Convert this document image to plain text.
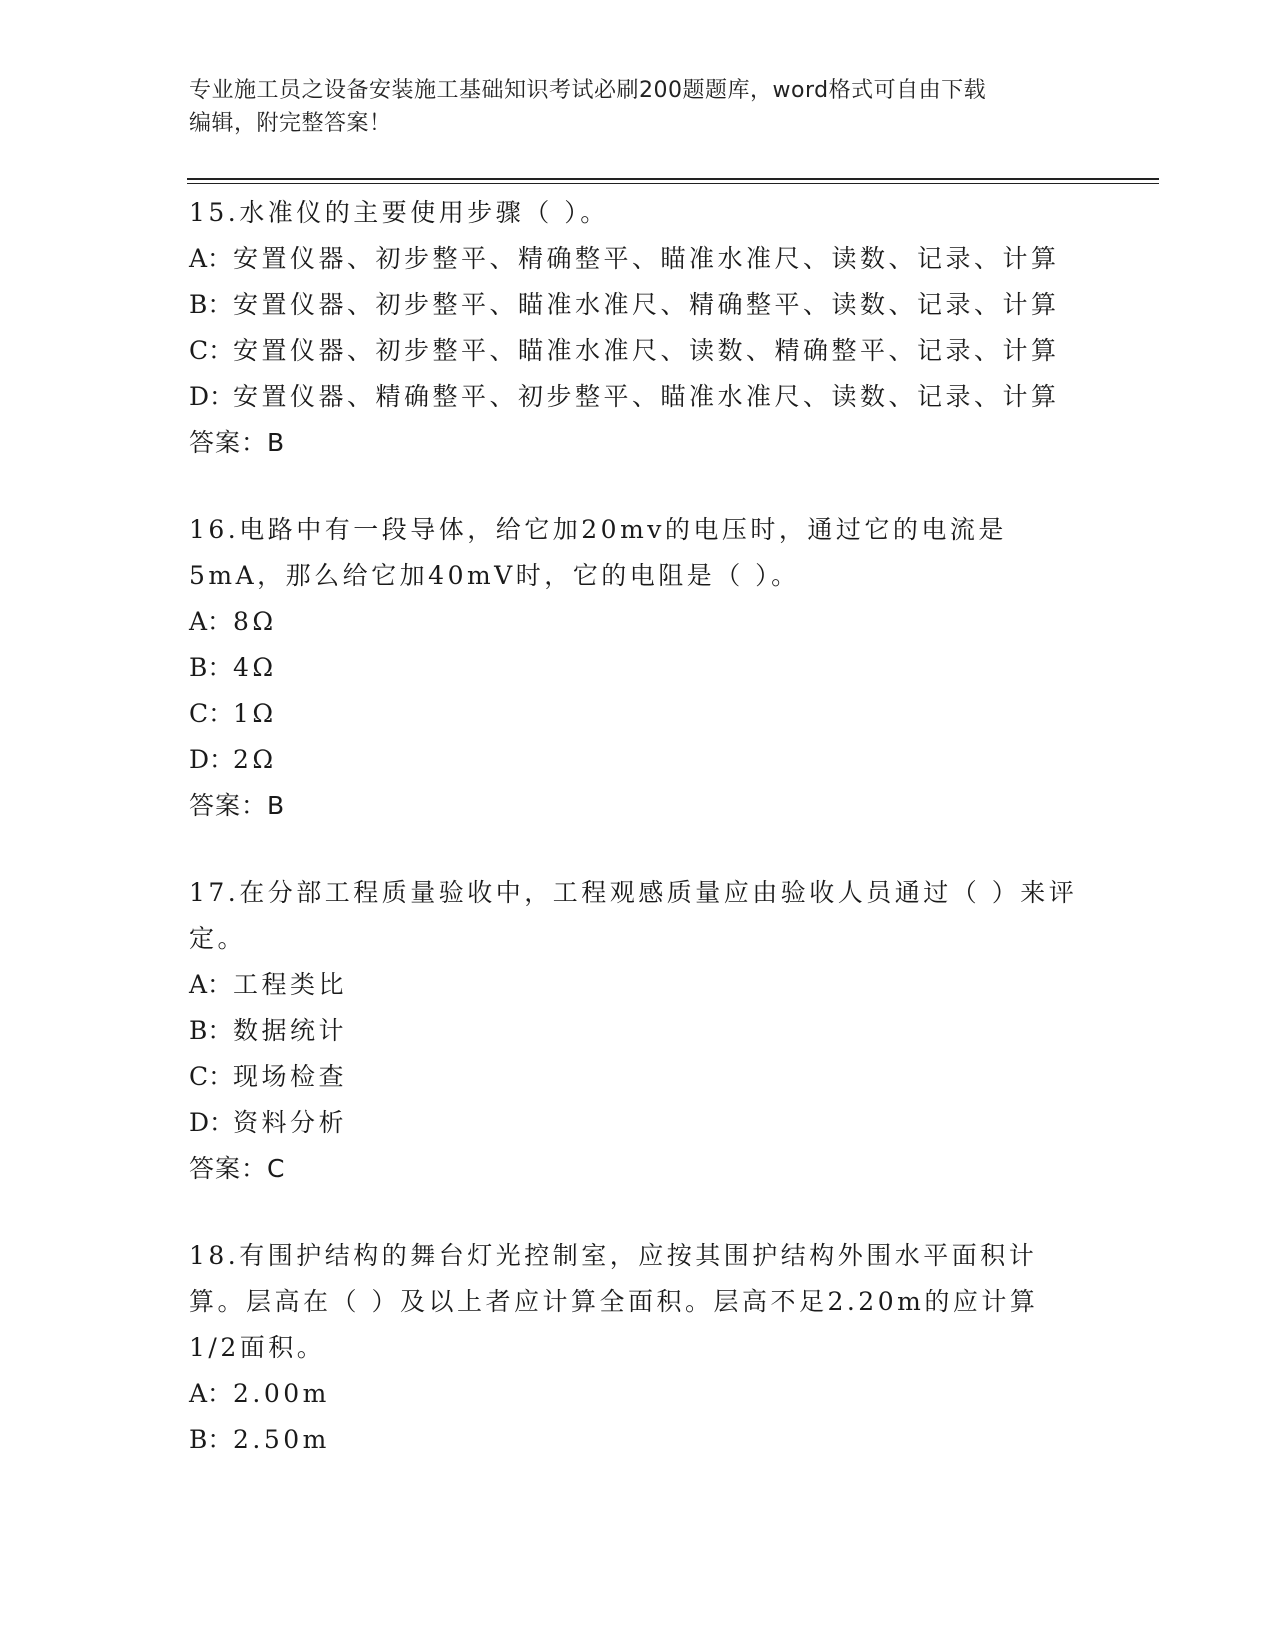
专业施工员之设备安装施工基础知识考试必刷200题题库，word格式可自由下载
编辑，附完整答案！
15.水准仪的主要使用步骤（ ）。
A：安置仪器、初步整平、精确整平、瞄准水准尺、读数、记录、计算
B：安置仪器、初步整平、瞄准水准尺、精确整平、读数、记录、计算
C：安置仪器、初步整平、瞄准水准尺、读数、精确整平、记录、计算
D：安置仪器、精确整平、初步整平、瞄准水准尺、读数、记录、计算
答案：B
16.电路中有一段导体，给它加20mv的电压时，通过它的电流是5mA，那么给它加40mV时，它的电阻是（ ）。
A：8Ω
B：4Ω
C：1Ω
D：2Ω
答案：B
17.在分部工程质量验收中，工程观感质量应由验收人员通过（ ）来评定。
A：工程类比
B：数据统计
C：现场检查
D：资料分析
答案：C
18.有围护结构的舞台灯光控制室，应按其围护结构外围水平面积计算。层高在（ ）及以上者应计算全面积。层高不足2.20m的应计算1/2面积。
A：2.00m
B：2.50m
